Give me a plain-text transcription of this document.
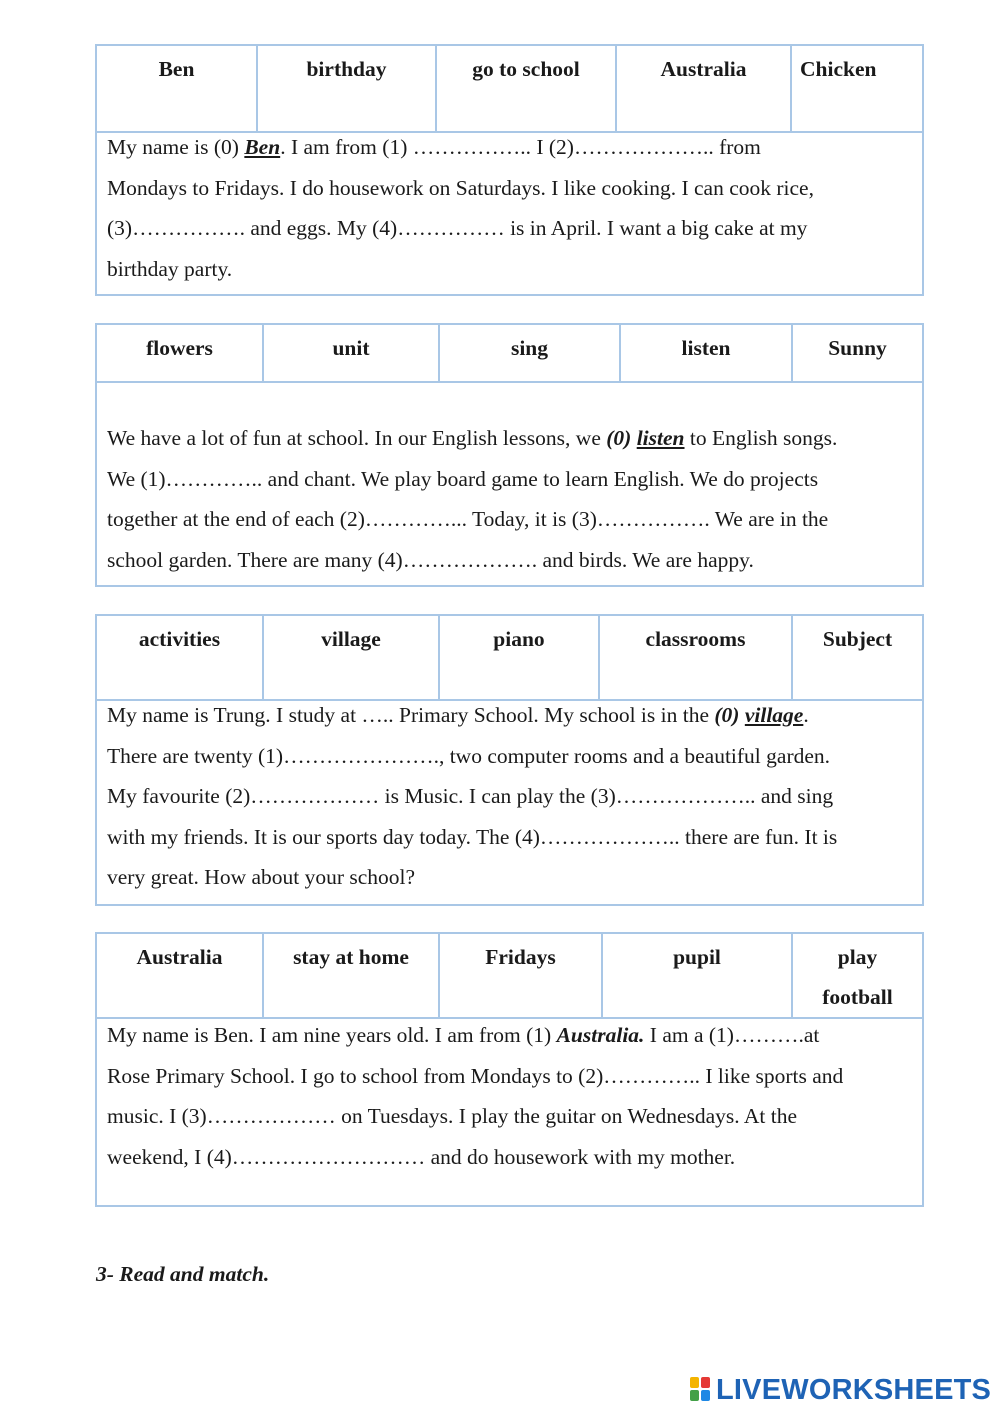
Ben	birthday	go to school	Australia	Chicken
My name is (0) Ben. I am from (1) …………….. I (2)……………….. from
Mondays to Fridays. I do housework on Saturdays. I like cooking. I can cook rice,
(3)……………. and eggs. My (4)…………… is in April. I want a big cake at my
birthday party.
flowers	unit	sing	listen	Sunny
We have a lot of fun at school. In our English lessons, we (0) listen to English songs.
We (1)………….. and chant. We play board game to learn English. We do projects
together at the end of each (2)…………... Today, it is (3)……………. We are in the
school garden. There are many (4)………………. and birds. We are happy.
activities	village	piano	classrooms	Subject
My name is Trung. I study at ….. Primary School. My school is in the (0) village.
There are twenty (1)…………………., two computer rooms and a beautiful garden.
My favourite (2)……………… is Music. I can play the (3)……………….. and sing
with my friends. It is our sports day today. The (4)……………….. there are fun. It is
very great. How about your school?
Australia	stay at home	Fridays	pupil	play football
My name is Ben. I am nine years old. I am from (1) Australia. I am a (1)……….at
Rose Primary School. I go to school from Mondays to (2)………….. I like sports and
music. I (3)……………… on Tuesdays. I play the guitar on Wednesdays. At the
weekend, I (4)……………………… and do housework with my mother.
3- Read and match.
LIVEWORKSHEETS
